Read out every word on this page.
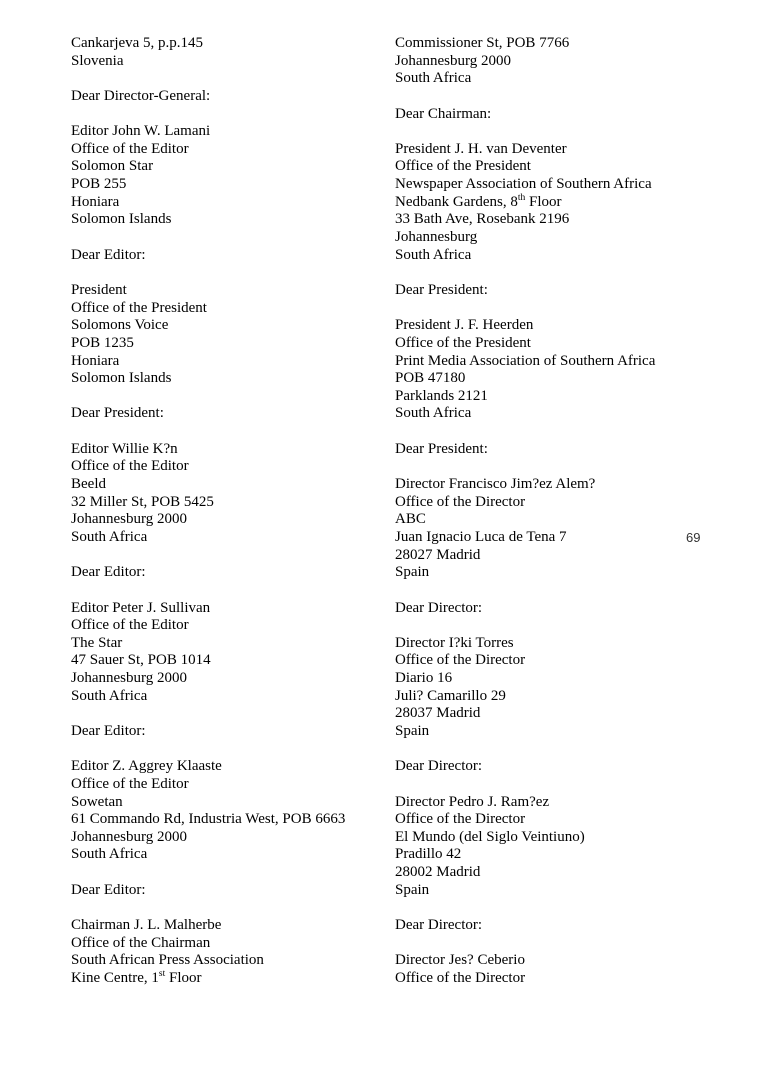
Cankarjeva 5, p.p.145
Slovenia
Dear Director-General:
Editor John W. Lamani
Office of the Editor
Solomon Star
POB 255
Honiara
Solomon Islands
Dear Editor:
President
Office of the President
Solomons Voice
POB 1235
Honiara
Solomon Islands
Dear President:
Editor Willie K?n
Office of the Editor
Beeld
32 Miller St, POB 5425
Johannesburg 2000
South Africa
Dear Editor:
Editor Peter J. Sullivan
Office of the Editor
The Star
47 Sauer St, POB 1014
Johannesburg 2000
South Africa
Dear Editor:
Editor Z. Aggrey Klaaste
Office of the Editor
Sowetan
61 Commando Rd, Industria West, POB 6663
Johannesburg 2000
South Africa
Dear Editor:
Chairman J. L. Malherbe
Office of the Chairman
South African Press Association
Kine Centre, 1st Floor
Commissioner St, POB 7766
Johannesburg 2000
South Africa
Dear Chairman:
President J. H. van Deventer
Office of the President
Newspaper Association of Southern Africa
Nedbank Gardens, 8th Floor
33 Bath Ave, Rosebank 2196
Johannesburg
South Africa
Dear President:
President J. F. Heerden
Office of the President
Print Media Association of Southern Africa
POB 47180
Parklands 2121
South Africa
Dear President:
Director Francisco Jim?ez Alem?
Office of the Director
ABC
Juan Ignacio Luca de Tena 7
28027 Madrid
Spain
Dear Director:
Director I?ki Torres
Office of the Director
Diario 16
Juli? Camarillo 29
28037 Madrid
Spain
Dear Director:
Director Pedro J. Ram?ez
Office of the Director
El Mundo (del Siglo Veintiuno)
Pradillo 42
28002 Madrid
Spain
Dear Director:
Director Jes? Ceberio
Office of the Director
69
